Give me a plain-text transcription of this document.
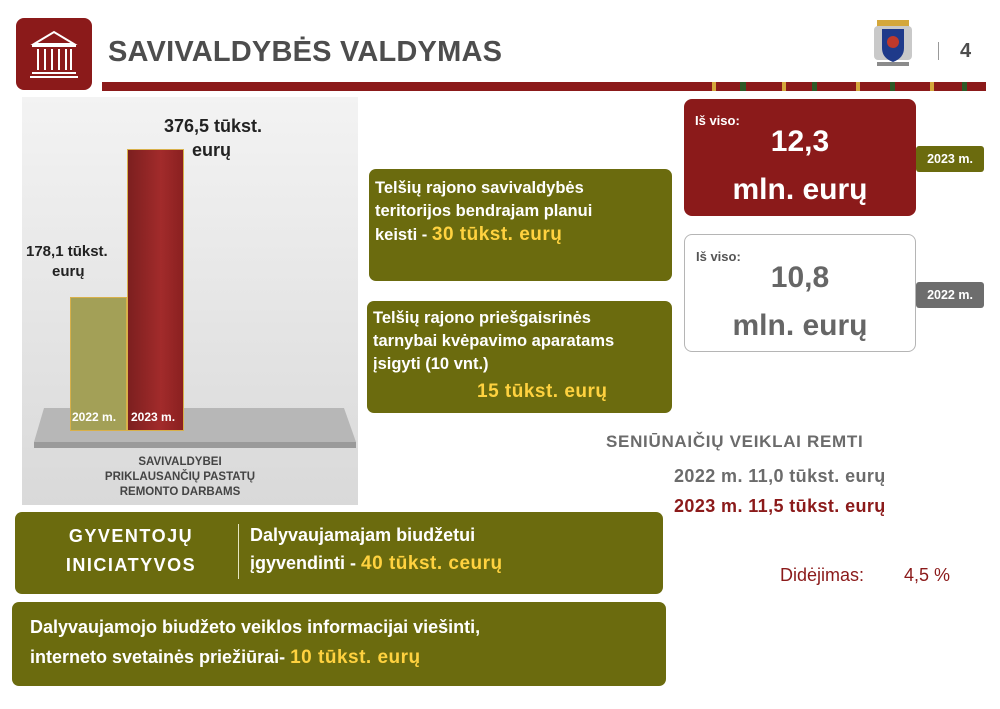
SAVIVALDYBĖS VALDYMAS	4
2022 m. 2023 m.
178,1 tūkst.
eurų
376,5 tūkst.
eurų
SAVIVALDYBEI
PRIKLAUSANČIŲ PASTATŲ
REMONTO DARBAMS
Telšių rajono savivaldybės
teritorijos bendrajam planui
keisti - 30 tūkst. eurų
Telšių rajono priešgaisrinės
tarnybai kvėpavimo aparatams
įsigyti (10 vnt.)
15 tūkst. eurų
Iš viso:
12,3
mln. eurų
2023 m.
Iš viso:
10,8
mln. eurų
2022 m.
SENIŪNAIČIŲ VEIKLAI REMTI
2022 m. 11,0 tūkst. eurų
2023 m. 11,5 tūkst. eurų
Didėjimas: 4,5 %
GYVENTOJŲ
INICIATYVOS
Dalyvaujamajam biudžetui
įgyvendinti - 40 tūkst. ceurų
Dalyvaujamojo biudžeto veiklos informacijai viešinti,
interneto svetainės priežiūrai- 10 tūkst. eurų
